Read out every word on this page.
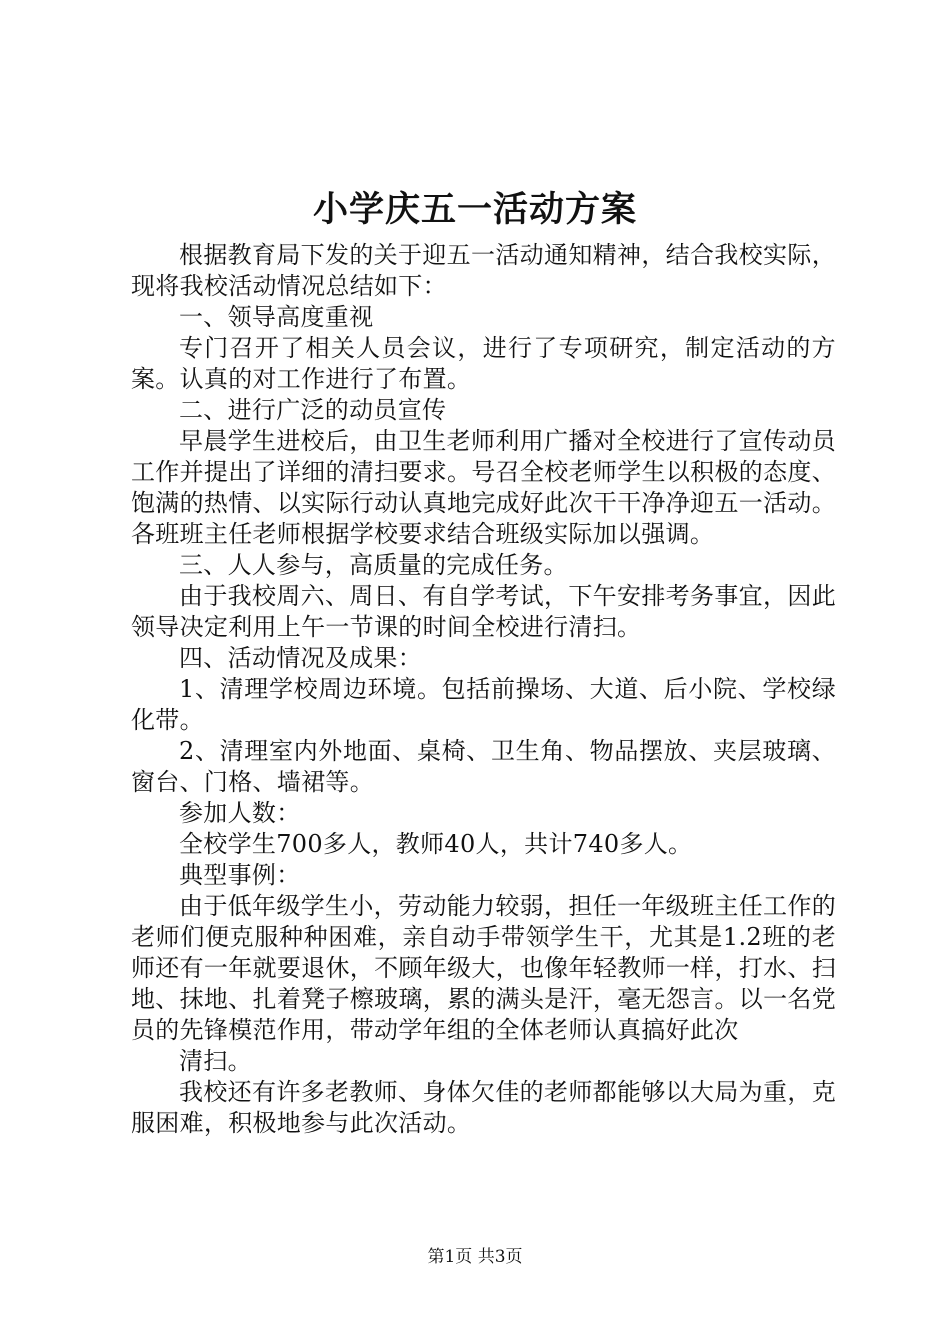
小学庆五一活动方案

根据教育局下发的关于迎五一活动通知精神，结合我校实际，现将我校活动情况总结如下：

一、领导高度重视

专门召开了相关人员会议，进行了专项研究，制定活动的方案。认真的对工作进行了布置。

二、进行广泛的动员宣传

早晨学生进校后，由卫生老师利用广播对全校进行了宣传动员工作并提出了详细的清扫要求。号召全校老师学生以积极的态度、饱满的热情、以实际行动认真地完成好此次干干净净迎五一活动。各班班主任老师根据学校要求结合班级实际加以强调。

三、人人参与，高质量的完成任务。

由于我校周六、周日、有自学考试，下午安排考务事宜，因此领导决定利用上午一节课的时间全校进行清扫。

四、活动情况及成果：

1、清理学校周边环境。包括前操场、大道、后小院、学校绿化带。

2、清理室内外地面、桌椅、卫生角、物品摆放、夹层玻璃、窗台、门格、墙裙等。

参加人数：

全校学生700多人，教师40人，共计740多人。

典型事例：

由于低年级学生小，劳动能力较弱，担任一年级班主任工作的老师们便克服种种困难，亲自动手带领学生干，尤其是1.2班的老师还有一年就要退休，不顾年级大，也像年轻教师一样，打水、扫地、抹地、扎着凳子檫玻璃，累的满头是汗，毫无怨言。以一名党员的先锋模范作用，带动学年组的全体老师认真搞好此次

清扫。

我校还有许多老教师、身体欠佳的老师都能够以大局为重，克服困难，积极地参与此次活动。

第1页 共3页
